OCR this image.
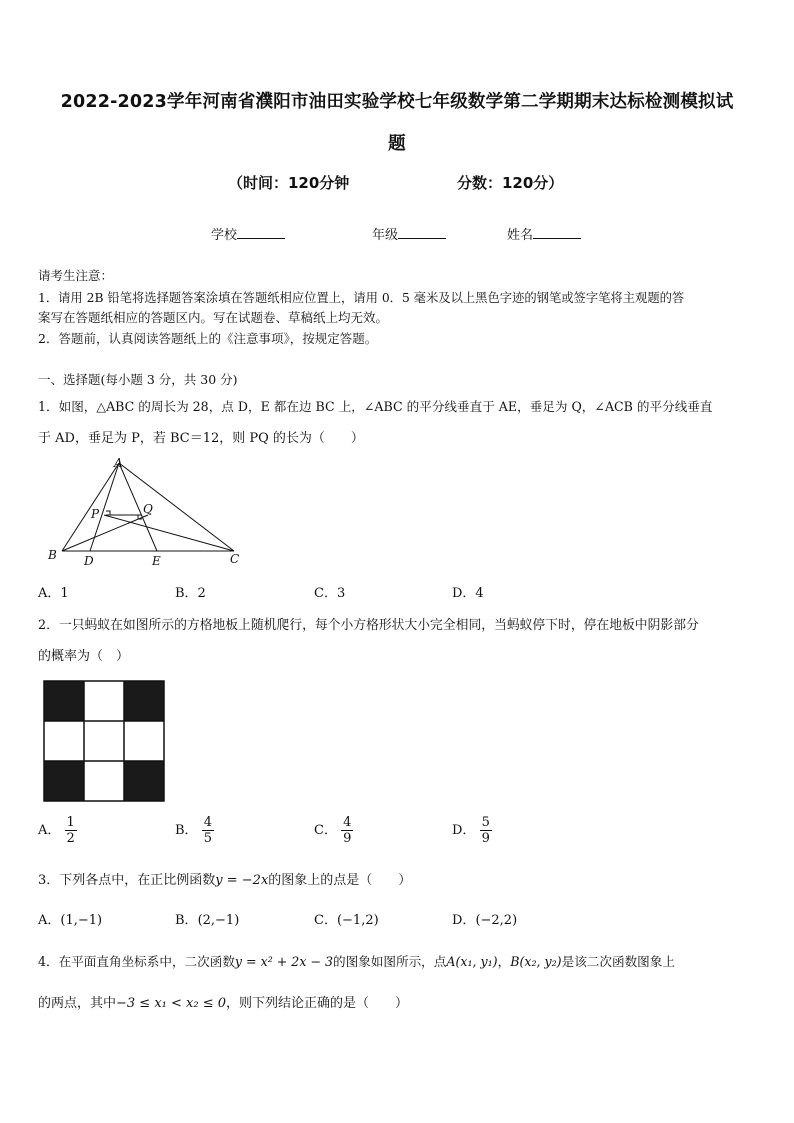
2022-2023学年河南省濮阳市油田实验学校七年级数学第二学期期末达标检测模拟试
题
（时间：120分钟	分数：120分）
学校	年级	姓名
请考生注意：
1．请用 2B 铅笔将选择题答案涂填在答题纸相应位置上，请用 0．5 毫米及以上黑色字迹的钢笔或签字笔将主观题的答
案写在答题纸相应的答题区内。写在试题卷、草稿纸上均无效。
2．答题前，认真阅读答题纸上的《注意事项》，按规定答题。
一、选择题(每小题 3 分，共 30 分)
1．如图，△ABC 的周长为 28，点 D，E 都在边 BC 上，∠ABC 的平分线垂直于 AE，垂足为 Q，∠ACB 的平分线垂直
于 AD，垂足为 P，若 BC＝12，则 PQ 的长为（　　）
A
B	C
D	E
P	Q
A．1	B．2	C．3	D．4
2．一只蚂蚁在如图所示的方格地板上随机爬行，每个小方格形状大小完全相同，当蚂蚁停下时，停在地板中阴影部分
的概率为（　）
A． $\frac{1}{2}$	B． $\frac{4}{5}$	C． $\frac{4}{9}$	D． $\frac{5}{9}$
3．下列各点中，在正比例函数y = −2x的图象上的点是（　　）
A．(1,−1)	B．(2,−1)	C．(−1,2)	D．(−2,2)
4．在平面直角坐标系中，二次函数y = x² + 2x − 3的图象如图所示，点A(x₁, y₁)，B(x₂, y₂)是该二次函数图象上
的两点，其中−3 ≤ x₁ < x₂ ≤ 0，则下列结论正确的是（　　）
